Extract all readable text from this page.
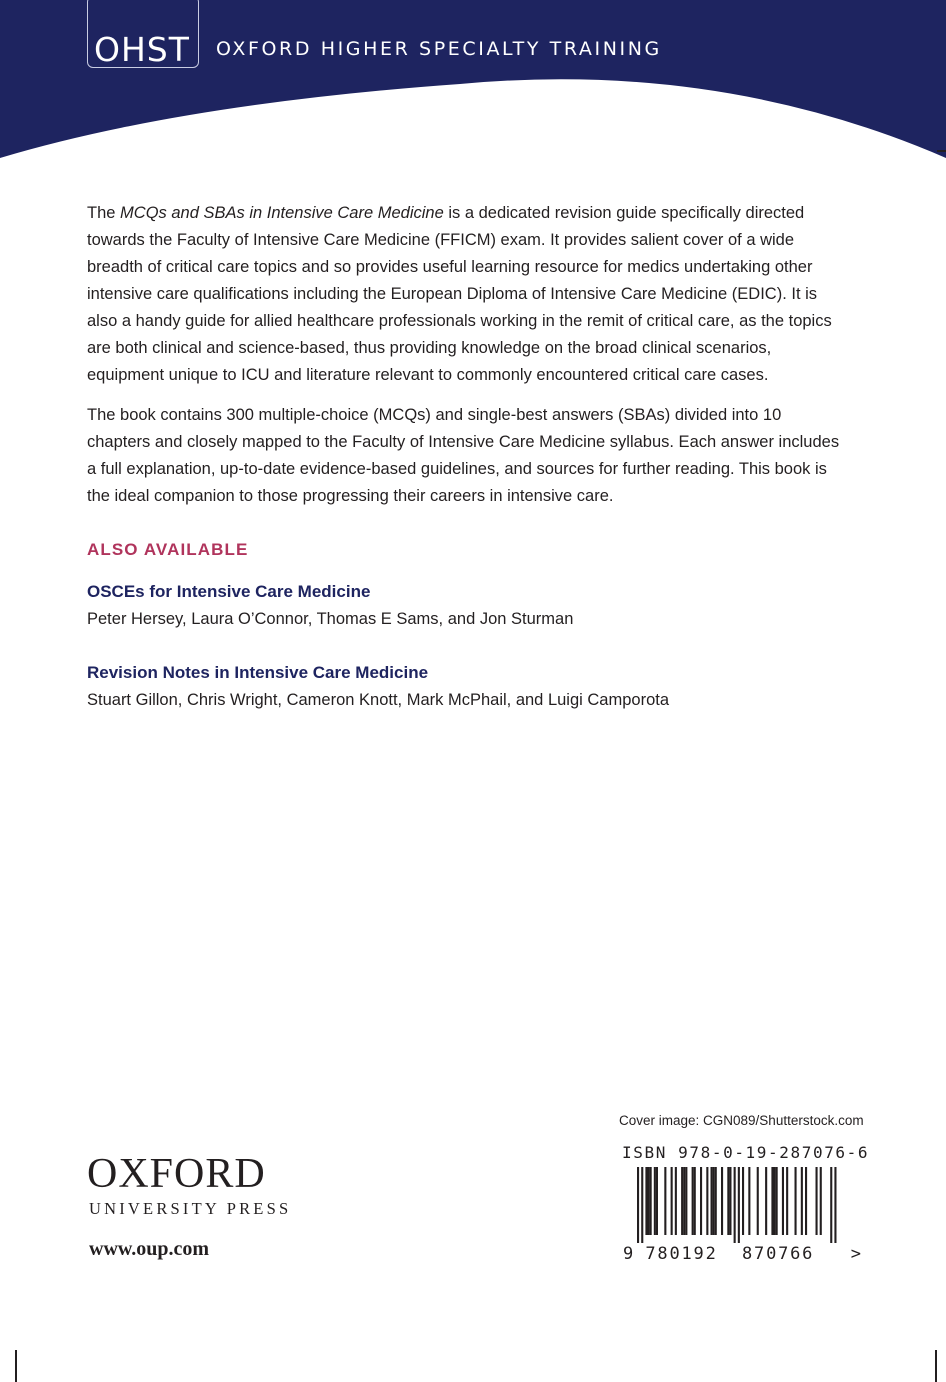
OHST OXFORD HIGHER SPECIALTY TRAINING

The MCQs and SBAs in Intensive Care Medicine is a dedicated revision guide specifically directed towards the Faculty of Intensive Care Medicine (FFICM) exam. It provides salient cover of a wide breadth of critical care topics and so provides useful learning resource for medics undertaking other intensive care qualifications including the European Diploma of Intensive Care Medicine (EDIC). It is also a handy guide for allied healthcare professionals working in the remit of critical care, as the topics are both clinical and science-based, thus providing knowledge on the broad clinical scenarios, equipment unique to ICU and literature relevant to commonly encountered critical care cases.

The book contains 300 multiple-choice (MCQs) and single-best answers (SBAs) divided into 10 chapters and closely mapped to the Faculty of Intensive Care Medicine syllabus. Each answer includes a full explanation, up-to-date evidence-based guidelines, and sources for further reading. This book is the ideal companion to those progressing their careers in intensive care.

ALSO AVAILABLE
OSCEs for Intensive Care Medicine
Peter Hersey, Laura O’Connor, Thomas E Sams, and Jon Sturman
Revision Notes in Intensive Care Medicine
Stuart Gillon, Chris Wright, Cameron Knott, Mark McPhail, and Luigi Camporota
OXFORD
UNIVERSITY PRESS
www.oup.com
Cover image: CGN089/Shutterstock.com
ISBN 978-0-19-287076-6
9 780192 870766 >
